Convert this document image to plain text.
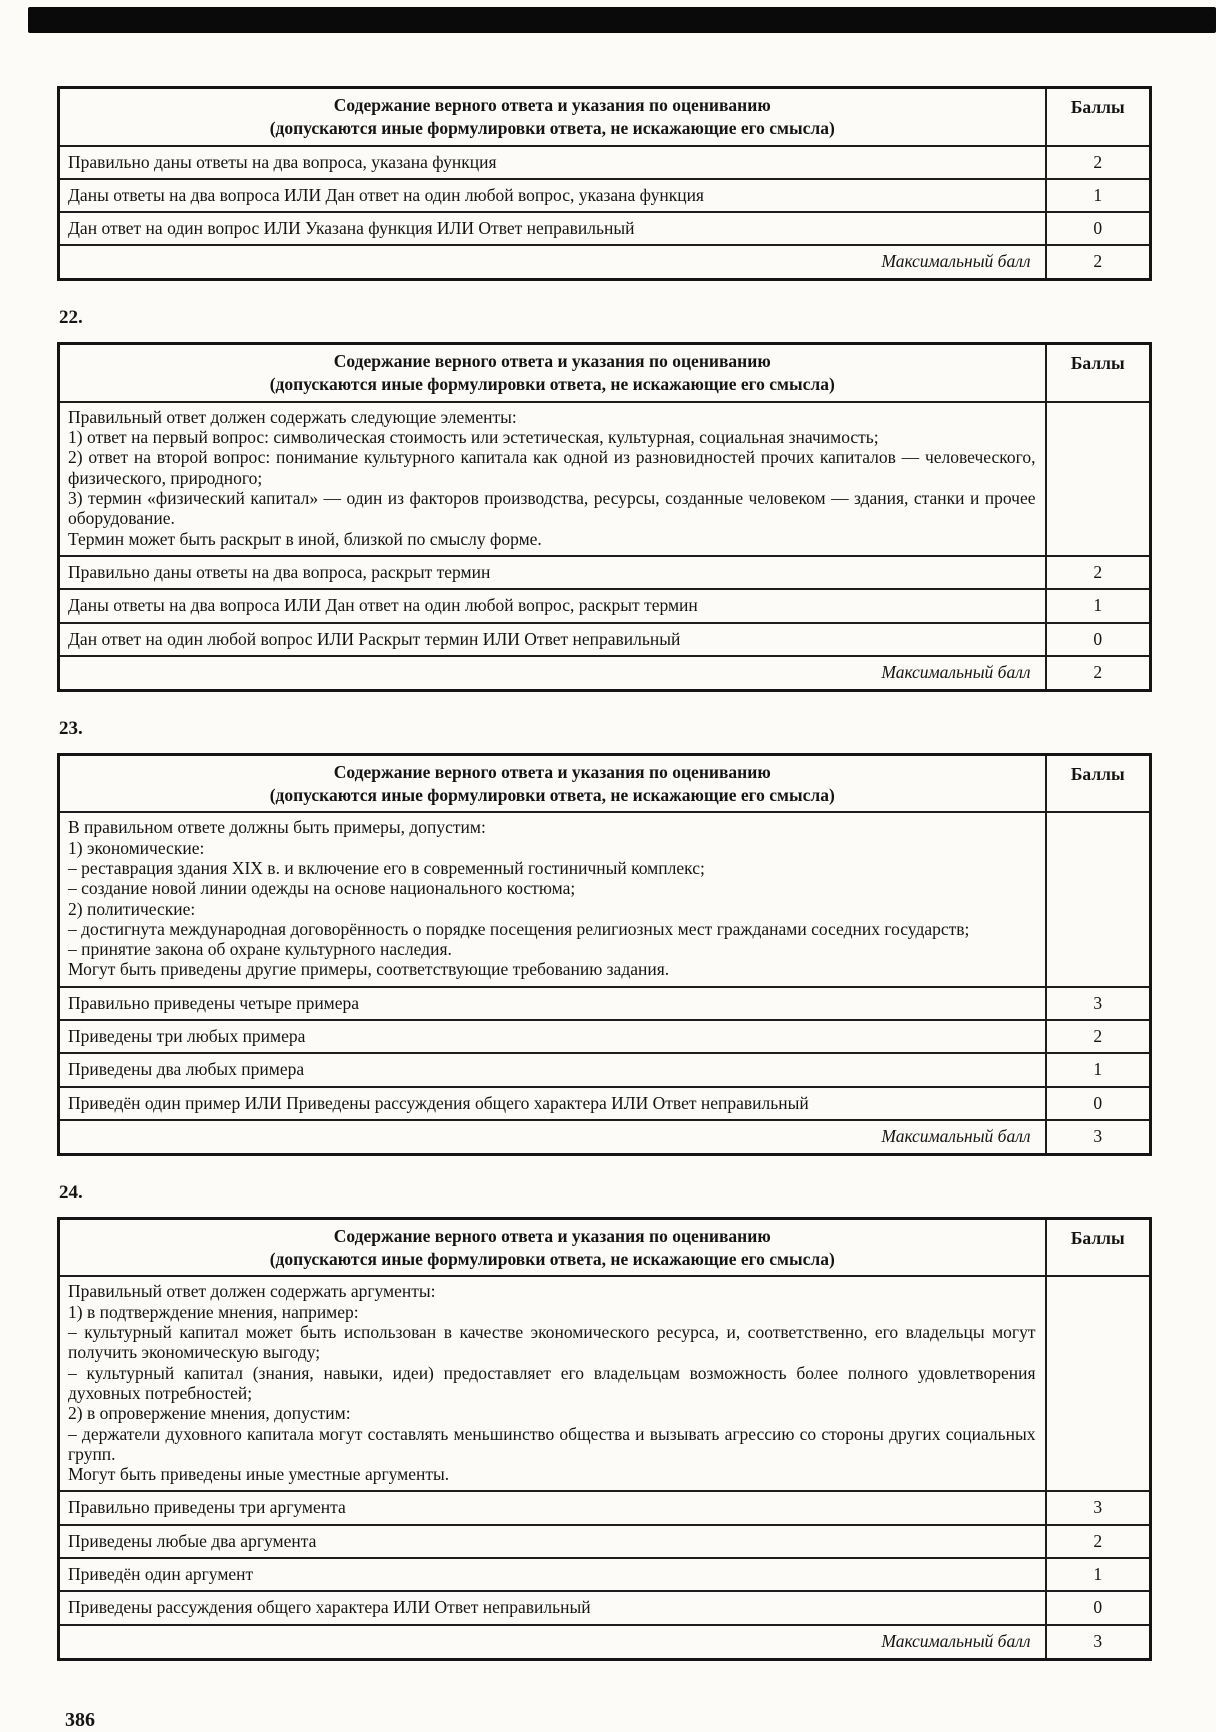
Содержание верного ответа и указания по оцениванию
(допускаются иные формулировки ответа, не искажающие его смысла)	Баллы
Правильно даны ответы на два вопроса, указана функция	2
Даны ответы на два вопроса ИЛИ Дан ответ на один любой вопрос, указана функция	1
Дан ответ на один вопрос ИЛИ Указана функция ИЛИ Ответ неправильный	0
Максимальный балл	2
22.
Содержание верного ответа и указания по оцениванию
(допускаются иные формулировки ответа, не искажающие его смысла)	Баллы

Правильный ответ должен содержать следующие элементы:
1) ответ на первый вопрос: символическая стоимость или эстетическая, культурная, социальная значимость;
2) ответ на второй вопрос: понимание культурного капитала как одной из разновидностей прочих капиталов — человеческого, физического, природного;
3) термин «физический капитал» — один из факторов производства, ресурсы, созданные человеком — здания, станки и прочее оборудование.
Термин может быть раскрыт в иной, близкой по смыслу форме.	

Правильно даны ответы на два вопроса, раскрыт термин	2
Даны ответы на два вопроса ИЛИ Дан ответ на один любой вопрос, раскрыт термин	1
Дан ответ на один любой вопрос ИЛИ Раскрыт термин ИЛИ Ответ неправильный	0
Максимальный балл	2
23.
Содержание верного ответа и указания по оцениванию
(допускаются иные формулировки ответа, не искажающие его смысла)	Баллы

В правильном ответе должны быть примеры, допустим:
1) экономические:
– реставрация здания XIX в. и включение его в современный гостиничный комплекс;
– создание новой линии одежды на основе национального костюма;
2) политические:
– достигнута международная договорённость о порядке посещения религиозных мест гражданами соседних государств;
– принятие закона об охране культурного наследия.
Могут быть приведены другие примеры, соответствующие требованию задания.

Правильно приведены четыре примера	3
Приведены три любых примера	2
Приведены два любых примера	1
Приведён один пример ИЛИ Приведены рассуждения общего характера ИЛИ Ответ неправильный	0
Максимальный балл	3
24.
Содержание верного ответа и указания по оцениванию
(допускаются иные формулировки ответа, не искажающие его смысла)	Баллы

Правильный ответ должен содержать аргументы:
1) в подтверждение мнения, например:
– культурный капитал может быть использован в качестве экономического ресурса, и, соответственно, его владельцы могут получить экономическую выгоду;
– культурный капитал (знания, навыки, идеи) предоставляет его владельцам возможность более полного удовлетворения духовных потребностей;
2) в опровержение мнения, допустим:
– держатели духовного капитала могут составлять меньшинство общества и вызывать агрессию со стороны других социальных групп.
Могут быть приведены иные уместные аргументы.

Правильно приведены три аргумента	3
Приведены любые два аргумента	2
Приведён один аргумент	1
Приведены рассуждения общего характера ИЛИ Ответ неправильный	0
Максимальный балл	3
386
